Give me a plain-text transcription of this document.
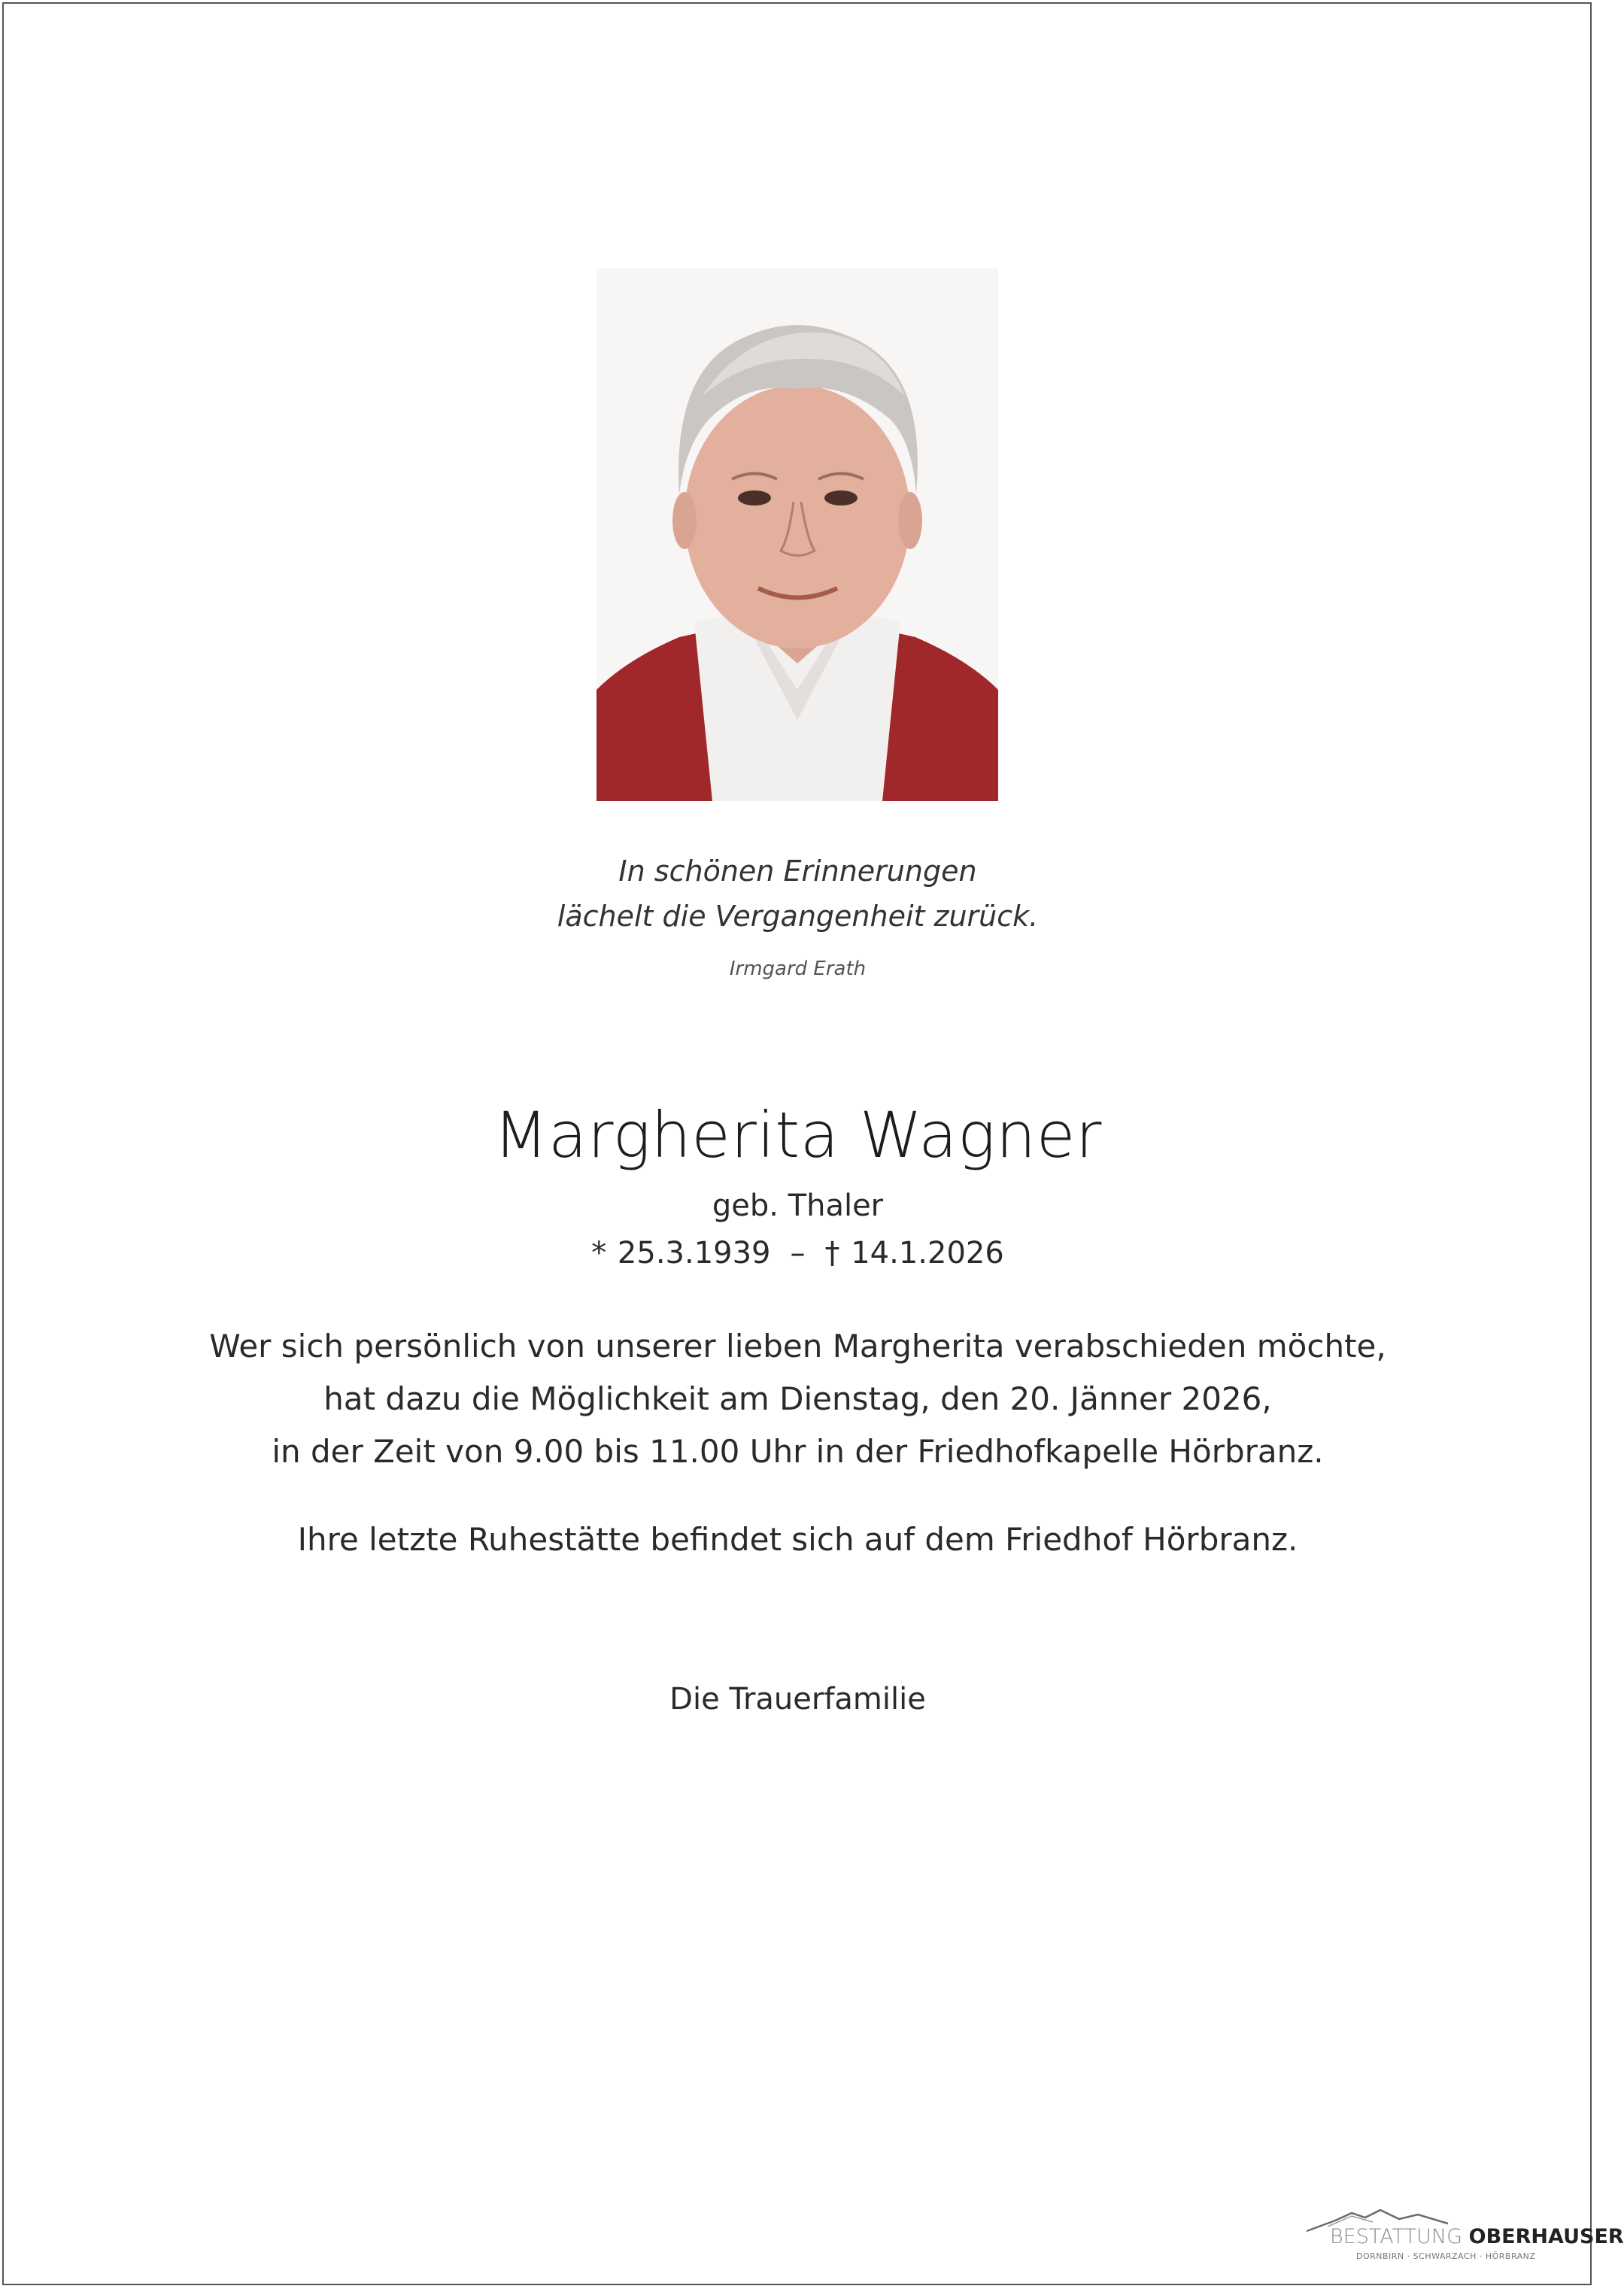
In schönen Erinnerungen
lächelt die Vergangenheit zurück.
Irmgard Erath
Margherita Wagner
geb. Thaler
* 25.3.1939 – † 14.1.2026
Wer sich persönlich von unserer lieben Margherita verabschieden möchte,
hat dazu die Möglichkeit am Dienstag, den 20. Jänner 2026,
in der Zeit von 9.00 bis 11.00 Uhr in der Friedhofkapelle Hörbranz.
Ihre letzte Ruhestätte befindet sich auf dem Friedhof Hörbranz.
Die Trauerfamilie
BESTATTUNG OBERHAUSER
DORNBIRN · SCHWARZACH · HÖRBRANZ
